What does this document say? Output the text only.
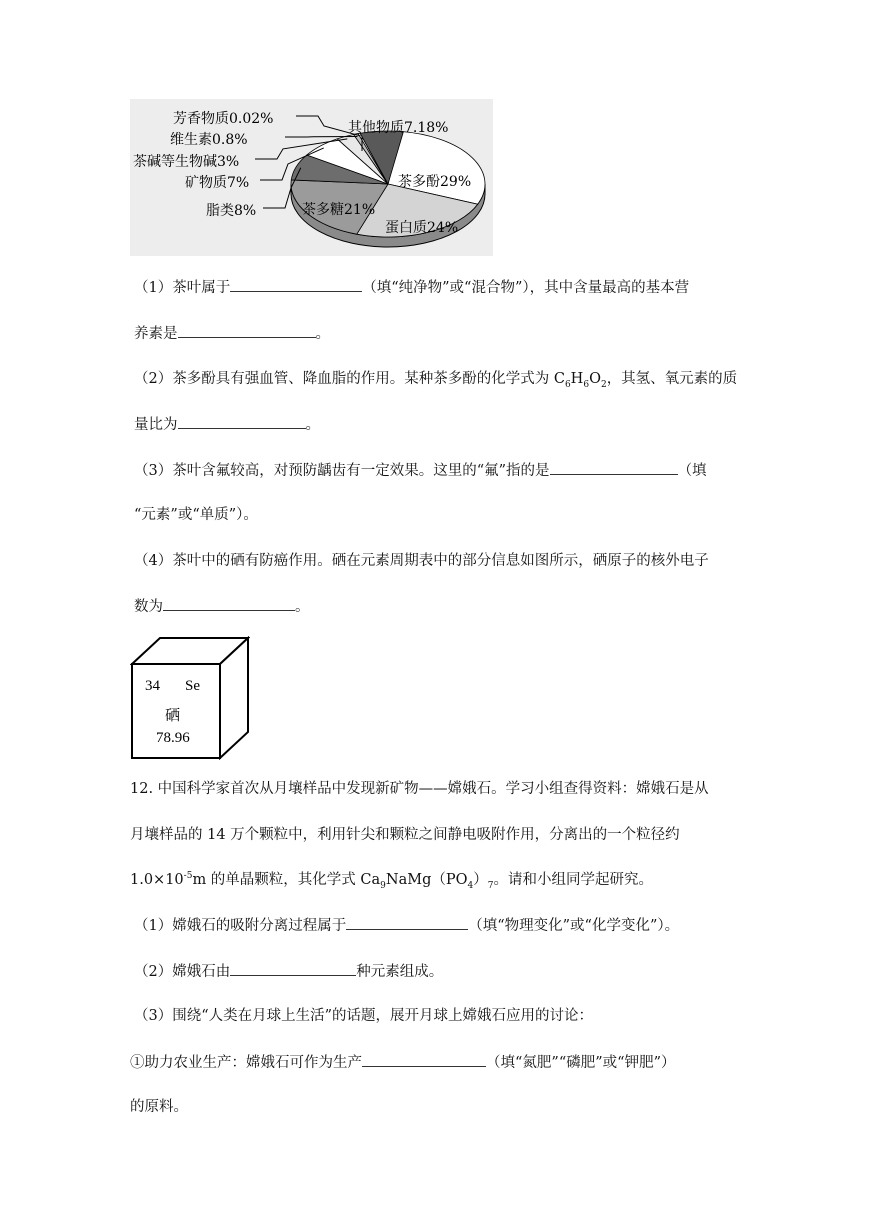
茶多酚29%
蛋白质24%
茶多糖21%
脂类8%
矿物质7%
茶碱等生物碱3%
维生素0.8%
芳香物质0.02%
其他物质7.18%
（1）茶叶属于	（填“纯净物”或“混合物”），其中含量最高的基本营
养素是	。
（2）茶多酚具有强血管、降血脂的作用。某种茶多酚的化学式为 $C_6H_6O_2$，其氢、氧元素的质
量比为	。
（3）茶叶含氟较高，对预防龋齿有一定效果。这里的“氟”指的是	（填
“元素”或“单质”）。
（4）茶叶中的硒有防癌作用。硒在元素周期表中的部分信息如图所示，硒原子的核外电子
数为	。
34 Se
硒
78.96
12. 中国科学家首次从月壤样品中发现新矿物——嫦娥石。学习小组查得资料：嫦娥石是从
月壤样品的 14 万个颗粒中，利用针尖和颗粒之间静电吸附作用，分离出的一个粒径约
$1.0\times 10^{-5}m$ 的单晶颗粒，其化学式 $Ca_9NaMg(PO_4)_7$。请和小组同学起研究。
（1）嫦娥石的吸附分离过程属于	（填“物理变化”或“化学变化”）。
（2）嫦娥石由	种元素组成。
（3）围绕“人类在月球上生活”的话题，展开月球上嫦娥石应用的讨论：
①助力农业生产：嫦娥石可作为生产	（填“氮肥”“磷肥”或“钾肥”）
的原料。
